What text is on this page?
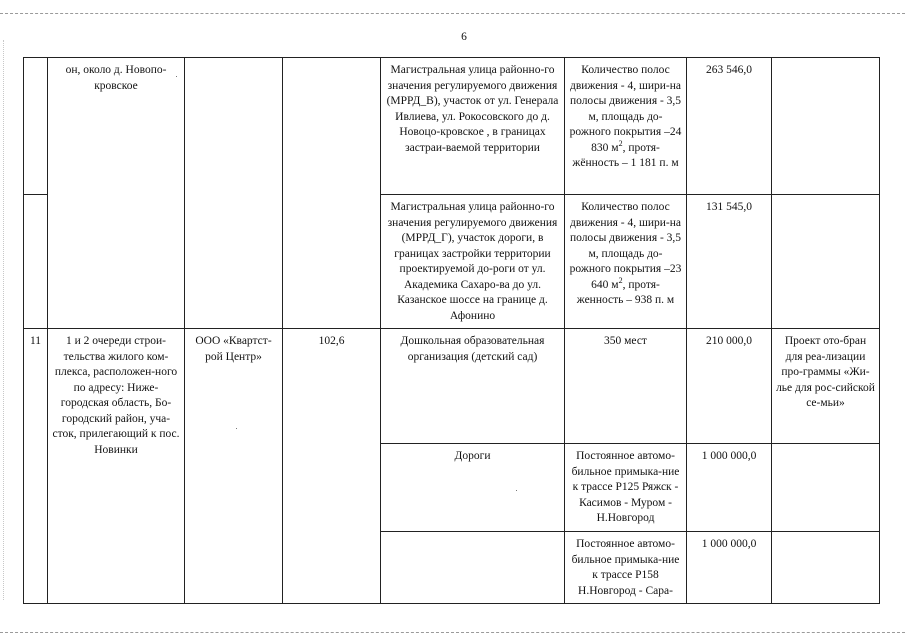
6
	он, около д. Новопо-кровское			Магистральная улица районно-го значения регулируемого движения (МРРД_В), участок от ул. Генерала Ивлиева, ул. Рокосовского до д. Новоцо-кровское , в границах застраи-ваемой территории	Количество полос движения - 4, шири-на полосы движения - 3,5 м, площадь до-рожного покрытия –24 830 $м^2$, протя-жённость – 1 181 п. м	263 546,0	
				Магистральная улица районно-го значения регулируемого движения (МРРД_Г), участок дороги, в границах застройки территории проектируемой до-роги от ул. Академика Сахаро-ва до ул. Казанское шоссе на границе д. Афонино	Количество полос движения - 4, шири-на полосы движения - 3,5 м, площадь до-рожного покрытия –23 640 $м^2$, протя-женность – 938 п. м	131 545,0	
11	1 и 2 очереди строи-тельства жилого ком-плекса, расположен-ного по адресу: Ниже-городская область, Бо-городский район, уча-сток, прилегающий к пос. Новинки	ООО «Квартст-рой Центр»	102,6	Дошкольная образовательная организация (детский сад)	350 мест	210 000,0	Проект ото-бран для реа-лизации про-граммы «Жи-лье для рос-сийской се-мьи»
				Дороги	Постоянное автомо-бильное примыка-ние к трассе Р125 Ряжск - Касимов - Муром - Н.Новгород	1 000 000,0	
					Постоянное автомо-бильное примыка-ние к трассе Р158 Н.Новгород - Сара-	1 000 000,0	
